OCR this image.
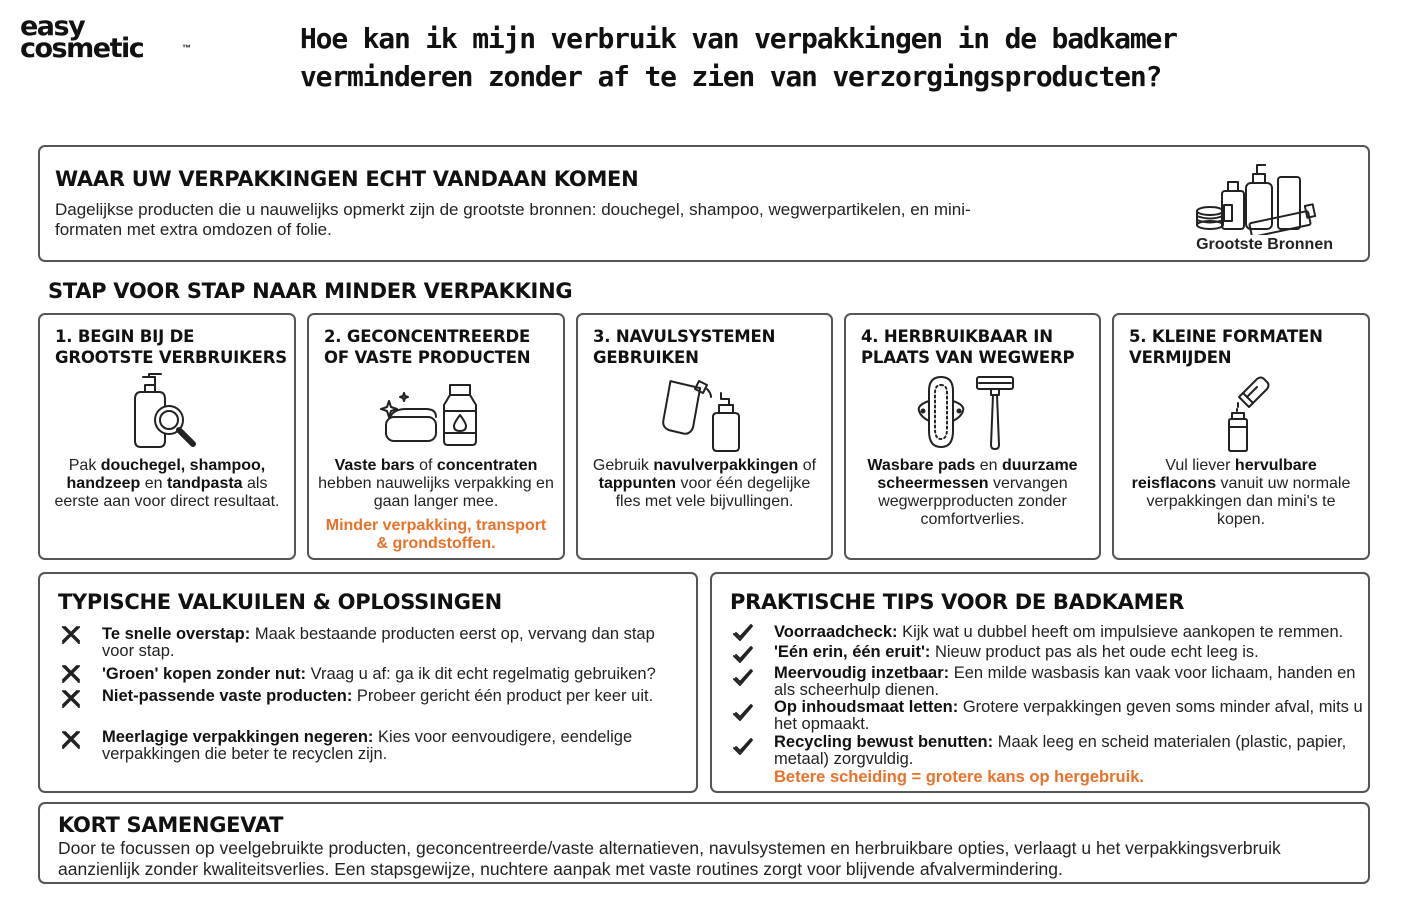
easy
cosmetic	™	Hoe kan ik mijn verbruik van verpakkingen in de badkamer verminderen zonder af te zien van verzorgingsproducten?
WAAR UW VERPAKKINGEN ECHT VANDAAN KOMEN

Dagelijkse producten die u nauwelijks opmerkt zijn de grootste bronnen: douchegel, shampoo, wegwerpartikelen, en mini-formaten met extra omdozen of folie.

Grootste Bronnen
STAP VOOR STAP NAAR MINDER VERPAKKING
1. BEGIN BIJ DE
GROOTSTE VERBRUIKERS

Pak douchegel, shampoo, handzeep en tandpasta als eerste aan voor direct resultaat.

2. GECONCENTREERDE
OF VASTE PRODUCTEN

Vaste bars of concentraten hebben nauwelijks verpakking en gaan langer mee.

Minder verpakking, transport
& grondstoffen.

3. NAVULSYSTEMEN
GEBRUIKEN

Gebruik navulverpakkingen of tappunten voor één degelijke fles met vele bijvullingen.

4. HERBRUIKBAAR IN
PLAATS VAN WEGWERP

Wasbare pads en duurzame scheermessen vervangen wegwerpproducten zonder comfortverlies.

5. KLEINE FORMATEN
VERMIJDEN

Vul liever hervulbare reisflacons vanuit uw normale verpakkingen dan mini's te kopen.

TYPISCHE VALKUILEN & OPLOSSINGEN

Te snelle overstap: Maak bestaande producten eerst op, vervang dan stap voor stap.

'Groen' kopen zonder nut: Vraag u af: ga ik dit echt regelmatig gebruiken?

Niet-passende vaste producten: Probeer gericht één product per keer uit.

Meerlagige verpakkingen negeren: Kies voor eenvoudigere, eendelige verpakkingen die beter te recyclen zijn.

PRAKTISCHE TIPS VOOR DE BADKAMER

Voorraadcheck: Kijk wat u dubbel heeft om impulsieve aankopen te remmen.

'Eén erin, één eruit': Nieuw product pas als het oude echt leeg is.

Meervoudig inzetbaar: Een milde wasbasis kan vaak voor lichaam, handen en als scheerhulp dienen.

Op inhoudsmaat letten: Grotere verpakkingen geven soms minder afval, mits u het opmaakt.

Recycling bewust benutten: Maak leeg en scheid materialen (plastic, papier, metaal) zorgvuldig.

Betere scheiding = grotere kans op hergebruik.

KORT SAMENGEVAT

Door te focussen op veelgebruikte producten, geconcentreerde/vaste alternatieven, navulsystemen en herbruikbare opties, verlaagt u het verpakkingsverbruik aanzienlijk zonder kwaliteitsverlies. Een stapsgewijze, nuchtere aanpak met vaste routines zorgt voor blijvende afvalvermindering.
